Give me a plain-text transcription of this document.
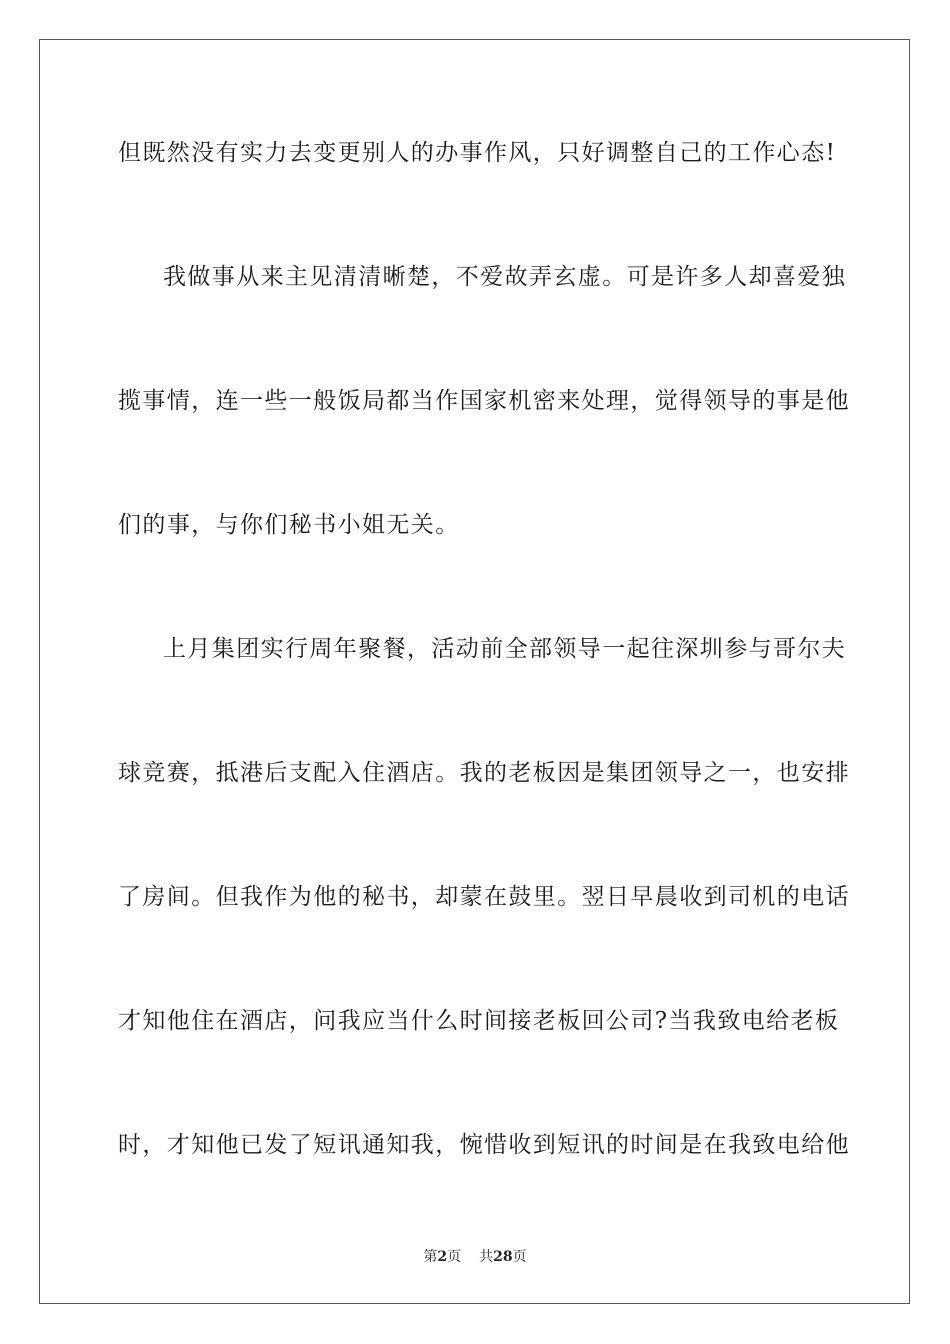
但既然没有实力去变更别人的办事作风，只好调整自己的工作心态!
我做事从来主见清清晰楚，不爱故弄玄虚。可是许多人却喜爱独
揽事情，连一些一般饭局都当作国家机密来处理，觉得领导的事是他
们的事，与你们秘书小姐无关。
上月集团实行周年聚餐，活动前全部领导一起往深圳参与哥尔夫
球竞赛，抵港后支配入住酒店。我的老板因是集团领导之一，也安排
了房间。但我作为他的秘书，却蒙在鼓里。翌日早晨收到司机的电话
才知他住在酒店，问我应当什么时间接老板回公司?当我致电给老板
时，才知他已发了短讯通知我，惋惜收到短讯的时间是在我致电给他
第2页 共28页
